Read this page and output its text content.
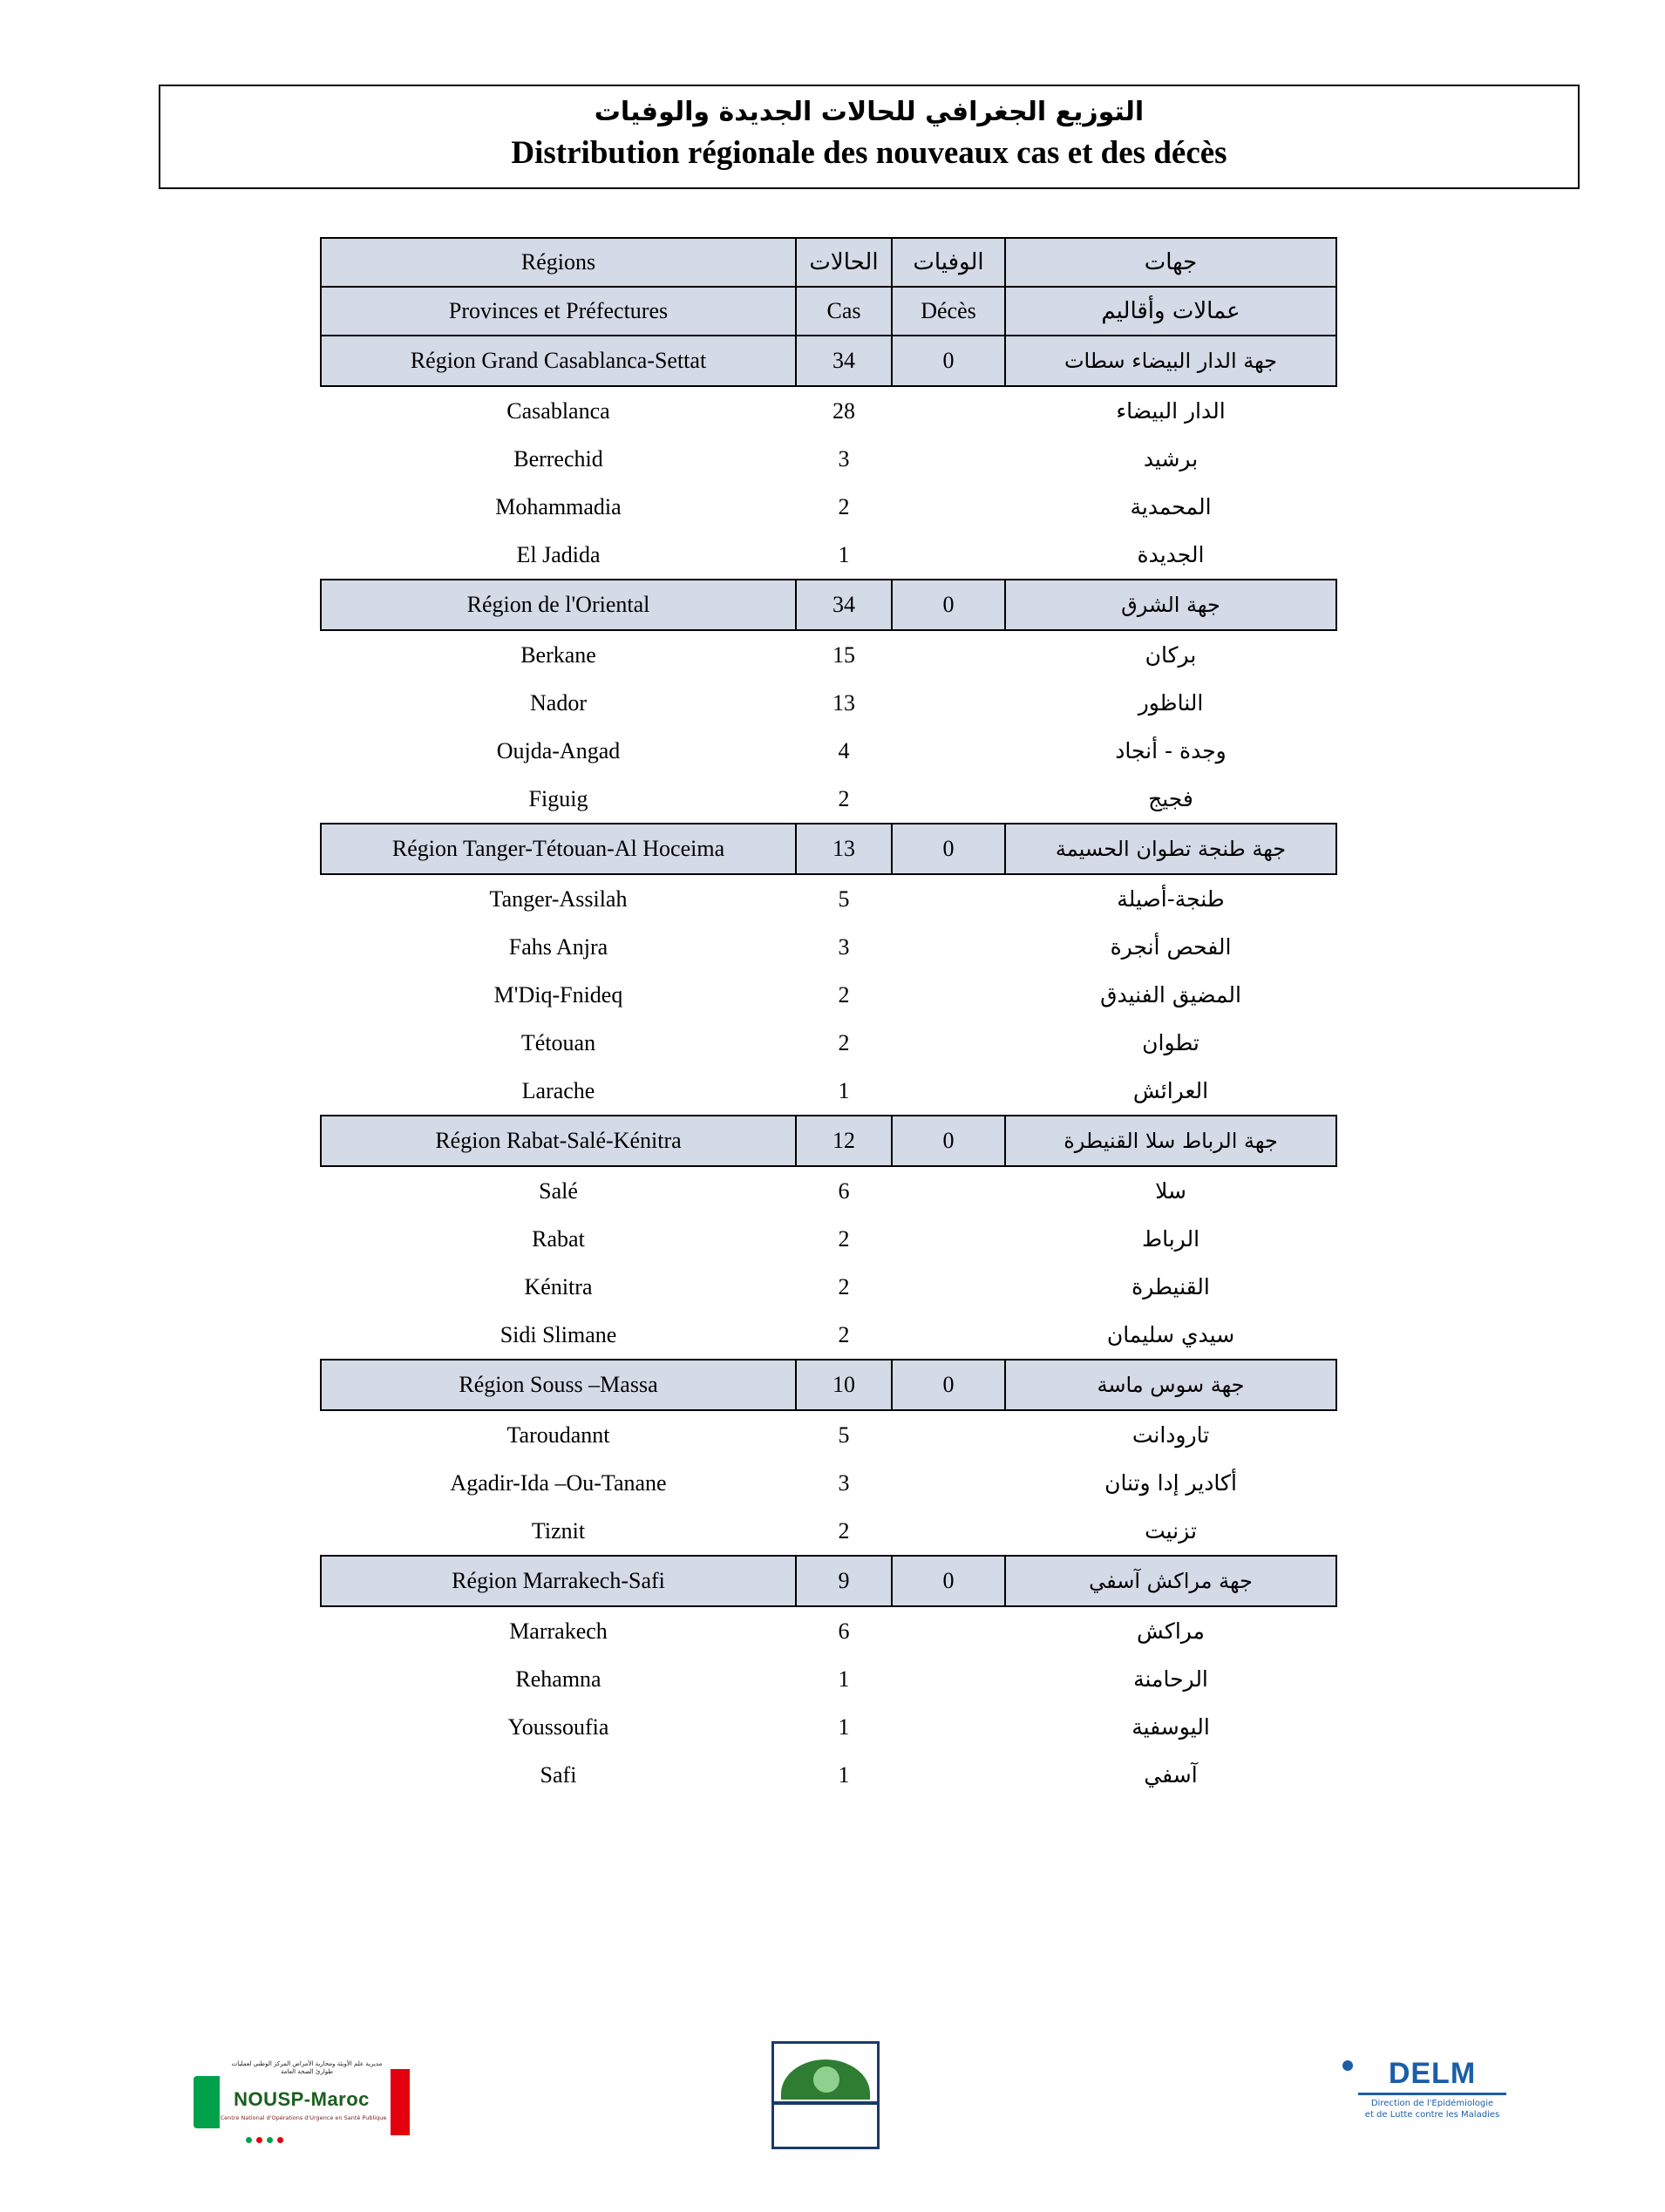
التوزيع الجغرافي للحالات الجديدة والوفيات
Distribution régionale des nouveaux cas et des décès
Régions	الحالات	الوفيات	جهات
Provinces et Préfectures	Cas	Décès	عمالات وأقاليم
Région Grand Casablanca-Settat	34	0	جهة الدار البيضاء سطات
Casablanca	28		الدار البيضاء
Berrechid	3		برشيد
Mohammadia	2		المحمدية
El Jadida	1		الجديدة
Région de l'Oriental	34	0	جهة الشرق
Berkane	15		بركان
Nador	13		الناظور
Oujda-Angad	4		وجدة - أنجاد
Figuig	2		فجيج
Région Tanger-Tétouan-Al Hoceima	13	0	جهة طنجة تطوان الحسيمة
Tanger-Assilah	5		طنجة-أصيلة
Fahs Anjra	3		الفحص أنجرة
M'Diq-Fnideq	2		المضيق الفنيدق
Tétouan	2		تطوان
Larache	1		العرائش
Région Rabat-Salé-Kénitra	12	0	جهة الرباط سلا القنيطرة
Salé	6		سلا
Rabat	2		الرباط
Kénitra	2		القنيطرة
Sidi Slimane	2		سيدي سليمان
Région Souss –Massa	10	0	جهة سوس ماسة
Taroudannt	5		تارودانت
Agadir-Ida –Ou-Tanane	3		أكادير إدا وتنان
Tiznit	2		تزنيت
Région Marrakech-Safi	9	0	جهة مراكش آسفي
Marrakech	6		مراكش
Rehamna	1		الرحامنة
Youssoufia	1		اليوسفية
Safi	1		آسفي
مديرية علم الأوبئة ومحاربة الأمراض المركز الوطني لعمليات طوارئ الصحة العامة
NOUSP-Maroc
Centre National d'Opérations d'Urgence en Santé Publique
DELM
Direction de l'Epidémiologie
et de Lutte contre les Maladies
